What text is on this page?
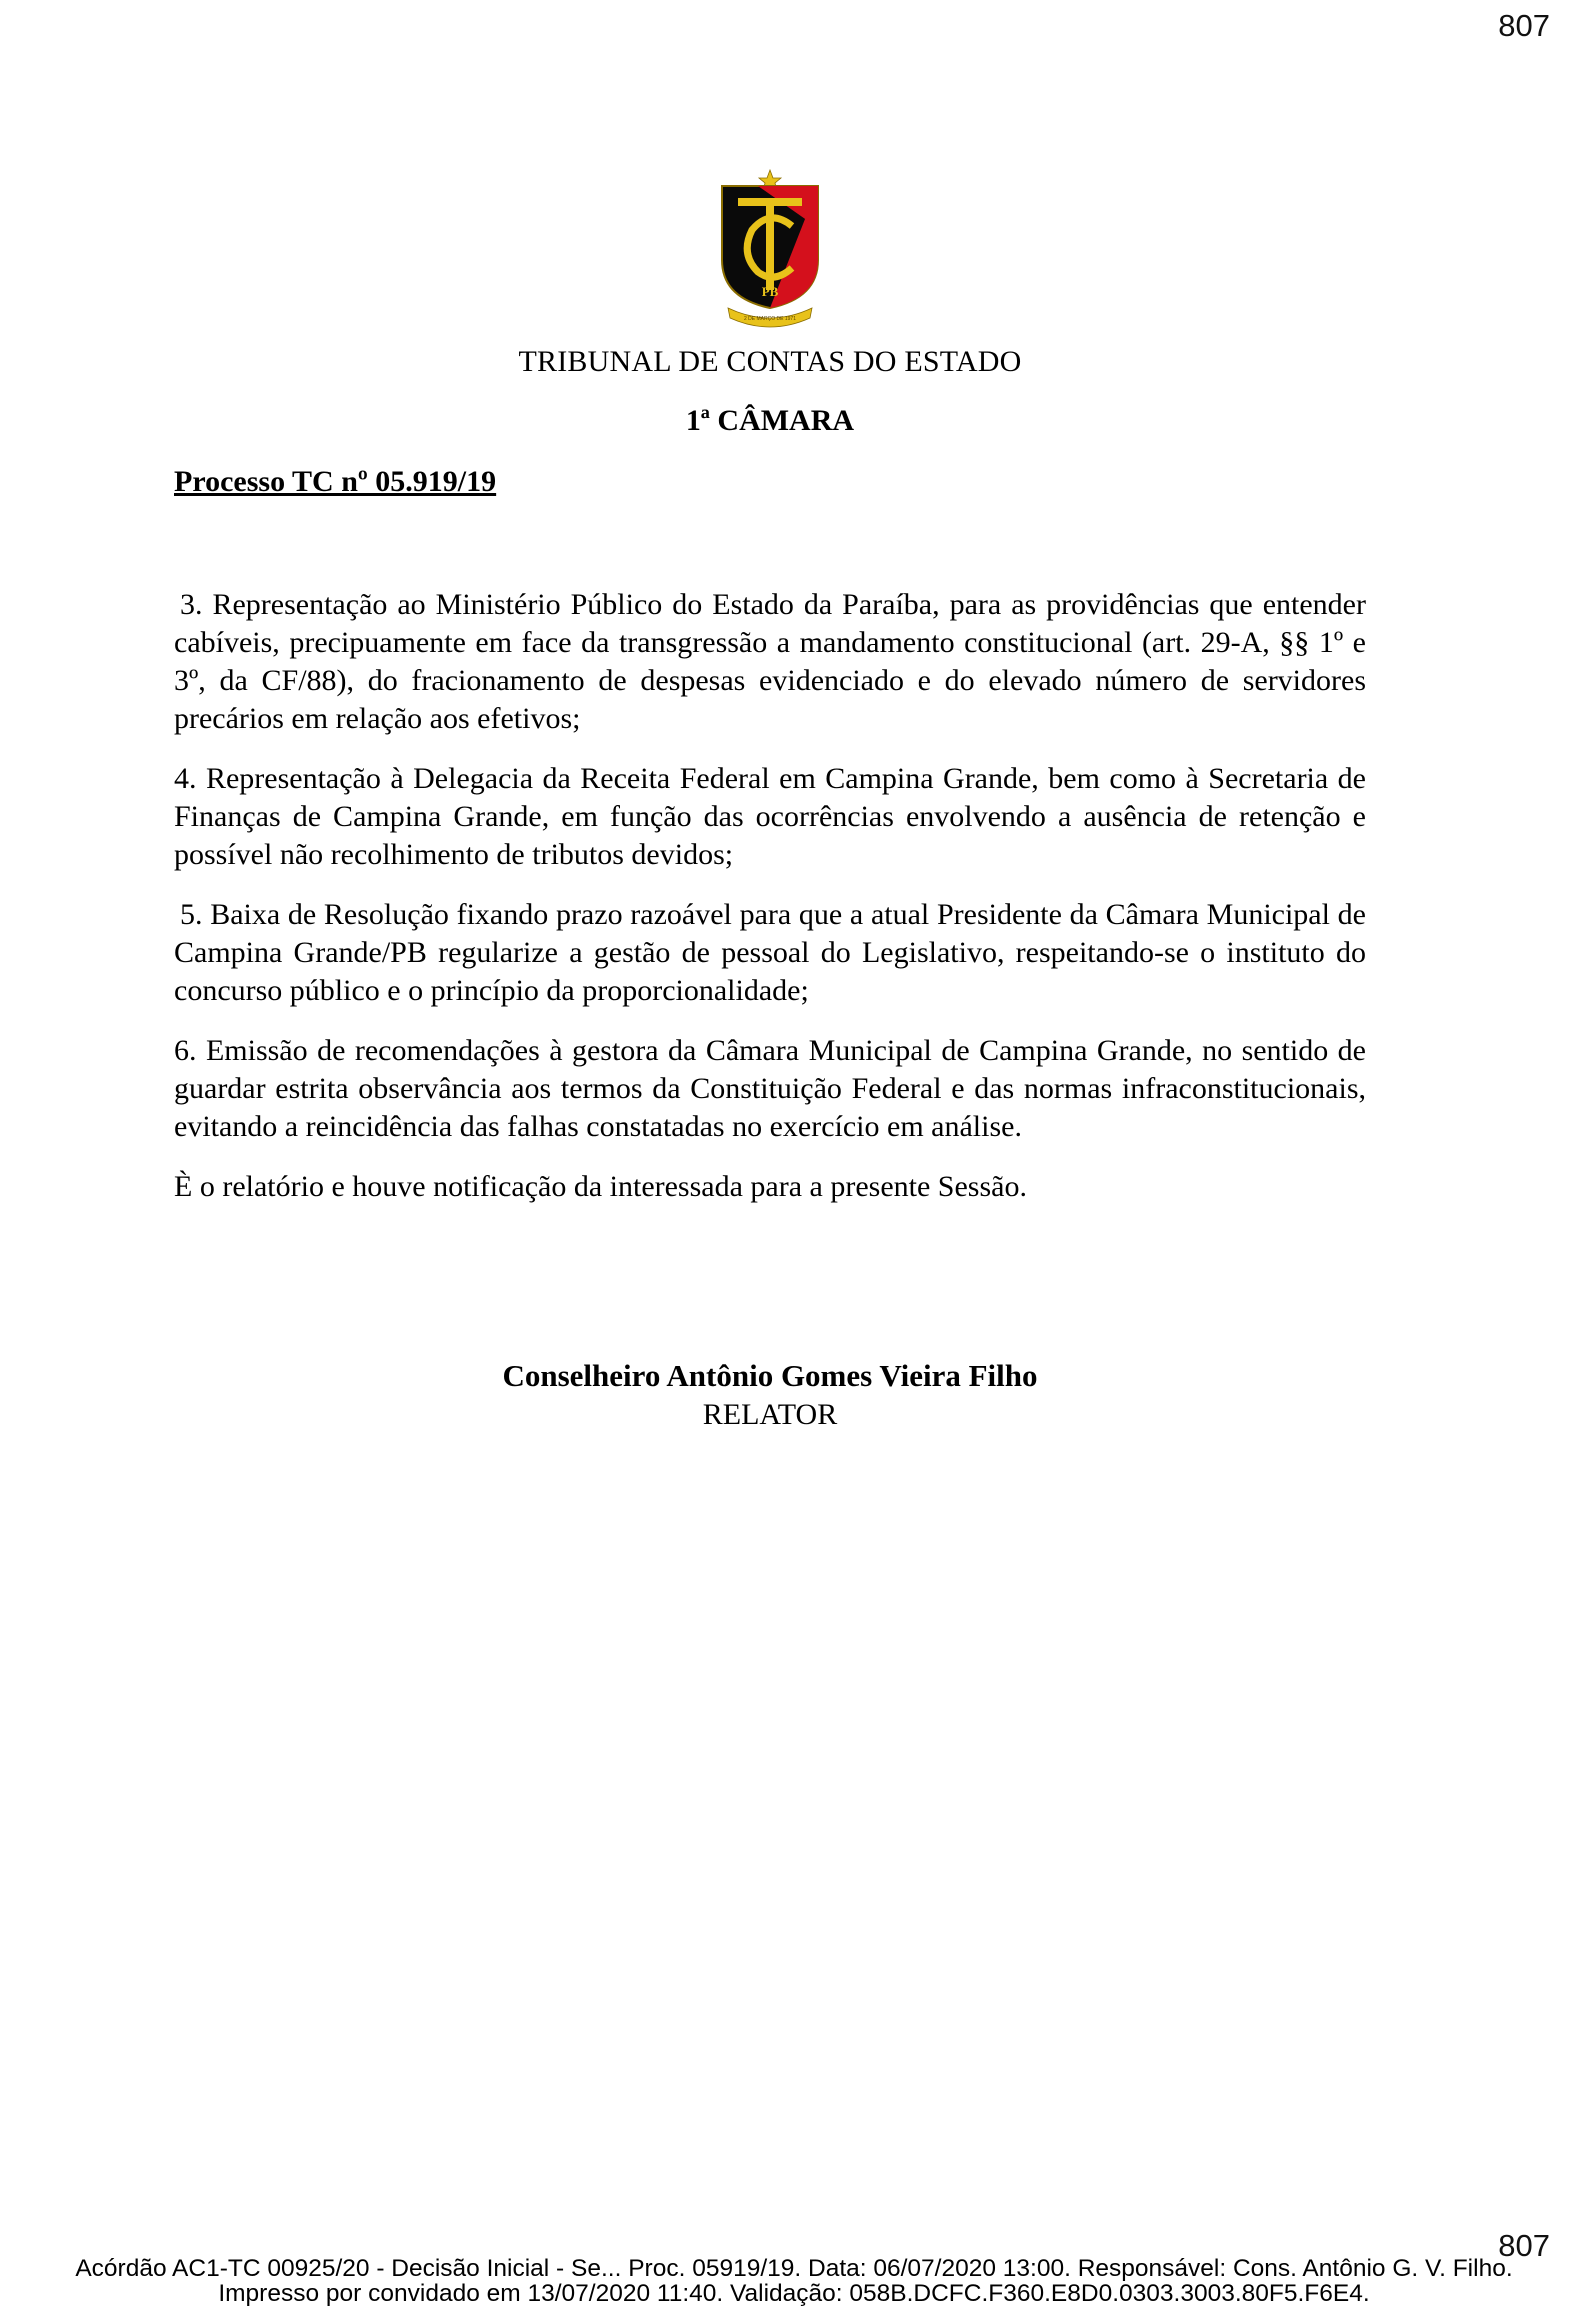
807
PB
2 DE MARÇO DE 1971
TRIBUNAL DE CONTAS DO ESTADO
1ª CÂMARA
Processo TC nº 05.919/19

3. Representação ao Ministério Público do Estado da Paraíba, para as providências que entender cabíveis, precipuamente em face da transgressão a mandamento constitucional (art. 29-A, §§ 1º e 3º, da CF/88), do fracionamento de despesas evidenciado e do elevado número de servidores precários em relação aos efetivos;

4. Representação à Delegacia da Receita Federal em Campina Grande, bem como à Secretaria de Finanças de Campina Grande, em função das ocorrências envolvendo a ausência de retenção e possível não recolhimento de tributos devidos;

5. Baixa de Resolução fixando prazo razoável para que a atual Presidente da Câmara Municipal de Campina Grande/PB regularize a gestão de pessoal do Legislativo, respeitando-se o instituto do concurso público e o princípio da proporcionalidade;

6. Emissão de recomendações à gestora da Câmara Municipal de Campina Grande, no sentido de guardar estrita observância aos termos da Constituição Federal e das normas infraconstitucionais, evitando a reincidência das falhas constatadas no exercício em análise.

È o relatório e houve notificação da interessada para a presente Sessão.

Conselheiro Antônio Gomes Vieira Filho
RELATOR
807
Acórdão AC1-TC 00925/20 - Decisão Inicial - Se... Proc. 05919/19. Data: 06/07/2020 13:00. Responsável: Cons. Antônio G. V. Filho.
Impresso por convidado em 13/07/2020 11:40. Validação: 058B.DCFC.F360.E8D0.0303.3003.80F5.F6E4.
